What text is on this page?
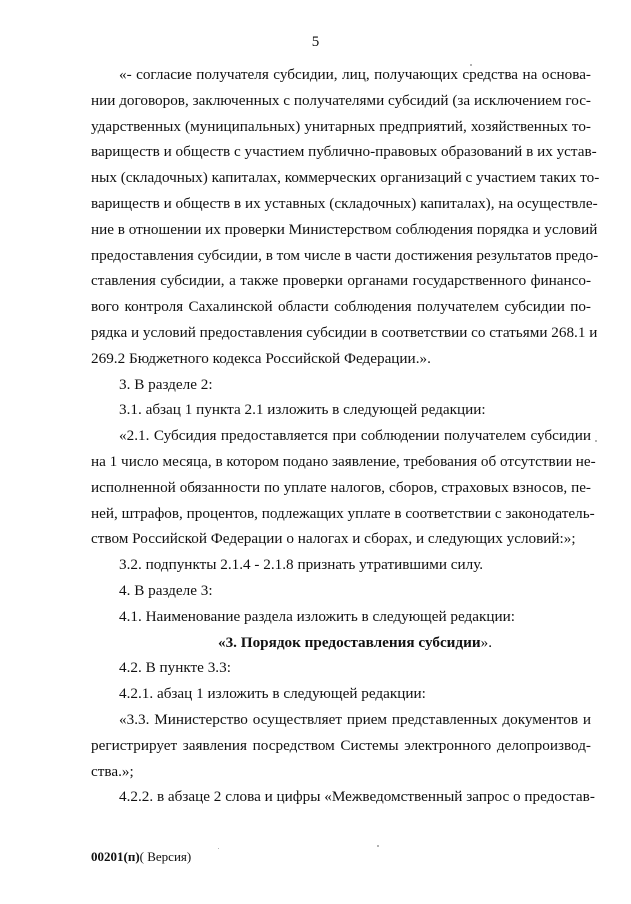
5
«- согласие получателя субсидии, лиц, получающих средства на основа-
нии договоров, заключенных с получателями субсидий (за исключением гос-
ударственных (муниципальных) унитарных предприятий, хозяйственных то-
вариществ и обществ с участием публично-правовых образований в их устав-
ных (складочных) капиталах, коммерческих организаций с участием таких то-
вариществ и обществ в их уставных (складочных) капиталах), на осуществле-
ние в отношении их проверки Министерством соблюдения порядка и условий
предоставления субсидии, в том числе в части достижения результатов предо-
ставления субсидии, а также проверки органами государственного финансо-
вого контроля Сахалинской области соблюдения получателем субсидии по-
рядка и условий предоставления субсидии в соответствии со статьями 268.1 и
269.2 Бюджетного кодекса Российской Федерации.».
3. В разделе 2:
3.1. абзац 1 пункта 2.1 изложить в следующей редакции:
«2.1. Субсидия предоставляется при соблюдении получателем субсидии
на 1 число месяца, в котором подано заявление, требования об отсутствии не-
исполненной обязанности по уплате налогов, сборов, страховых взносов, пе-
ней, штрафов, процентов, подлежащих уплате в соответствии с законодатель-
ством Российской Федерации о налогах и сборах, и следующих условий:»;
3.2. подпункты 2.1.4 - 2.1.8 признать утратившими силу.
4. В разделе 3:
4.1. Наименование раздела изложить в следующей редакции:
«3. Порядок предоставления субсидии».
4.2. В пункте 3.3:
4.2.1. абзац 1 изложить в следующей редакции:
«3.3. Министерство осуществляет прием представленных документов и
регистрирует заявления посредством Системы электронного делопроизвод-
ства.»;
4.2.2. в абзаце 2 слова и цифры «Межведомственный запрос о предостав-
00201(п)( Версия)
